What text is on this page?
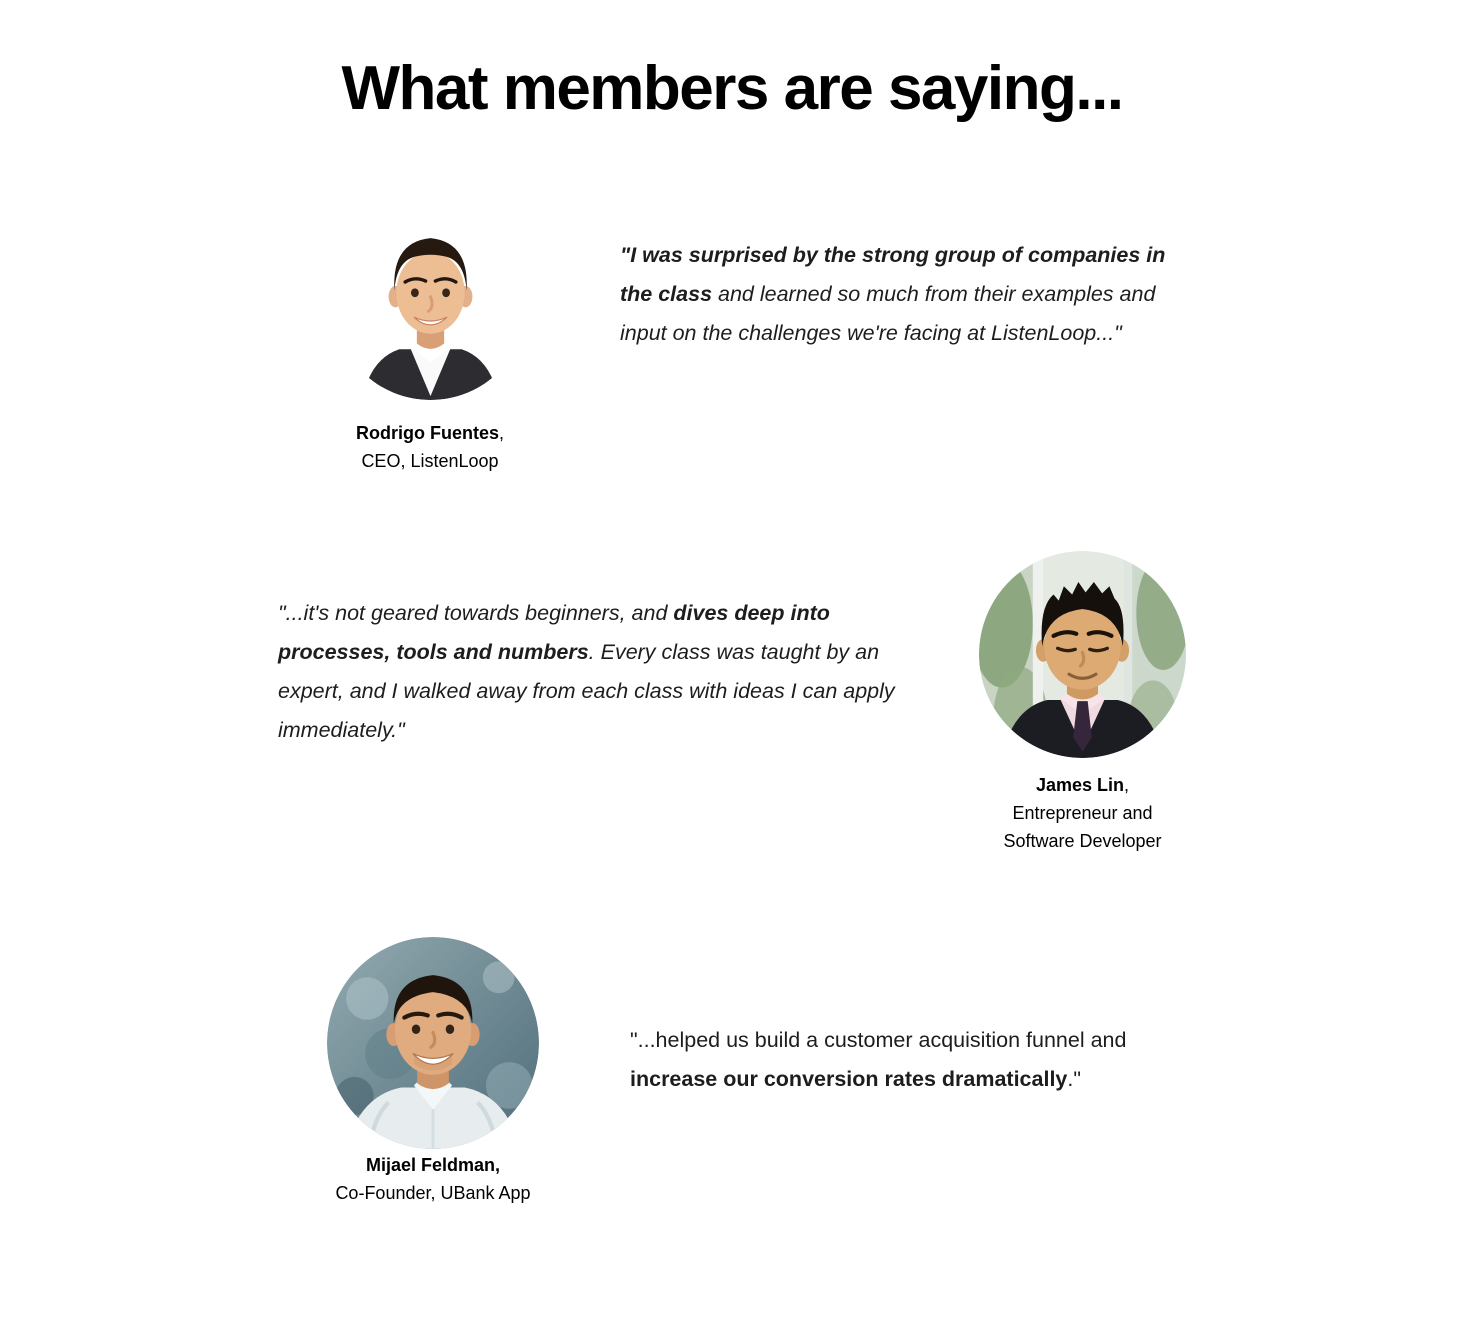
What members are saying...
Rodrigo Fuentes,
CEO, ListenLoop
"I was surprised by the strong group of companies in the class and learned so much from their examples and input on the challenges we're facing at ListenLoop..."
"...it's not geared towards beginners, and dives deep into processes, tools and numbers. Every class was taught by an expert, and I walked away from each class with ideas I can apply immediately."
James Lin,
Entrepreneur and Software Developer
Mijael Feldman,
Co-Founder, UBank App
"...helped us build a customer acquisition funnel and increase our conversion rates dramatically."
